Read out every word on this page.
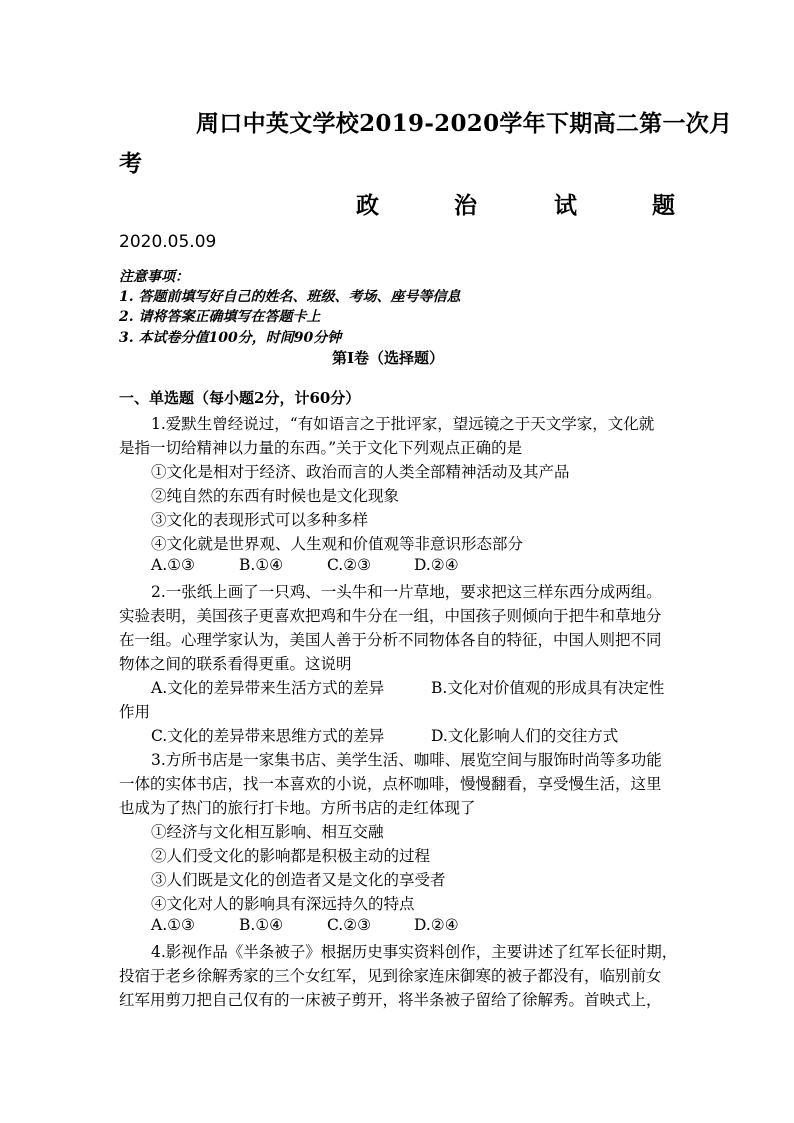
周口中英文学校2019-2020学年下期高二第一次月
考
政	治	试	题
2020.05.09
注意事项：
1. 答题前填写好自己的姓名、班级、考场、座号等信息
2. 请将答案正确填写在答题卡上
3. 本试卷分值100分，时间90分钟
第I卷（选择题）
一、单选题（每小题2分，计60分）
1.爱默生曾经说过，“有如语言之于批评家，望远镜之于天文学家，文化就
是指一切给精神以力量的东西。”关于文化下列观点正确的是
①文化是相对于经济、政治而言的人类全部精神活动及其产品
②纯自然的东西有时候也是文化现象
③文化的表现形式可以多种多样
④文化就是世界观、人生观和价值观等非意识形态部分
A.①③	B.①④	C.②③	D.②④
2.一张纸上画了一只鸡、一头牛和一片草地，要求把这三样东西分成两组。
实验表明，美国孩子更喜欢把鸡和牛分在一组，中国孩子则倾向于把牛和草地分
在一组。心理学家认为，美国人善于分析不同物体各自的特征，中国人则把不同
物体之间的联系看得更重。这说明
A.文化的差异带来生活方式的差异	B.文化对价值观的形成具有决定性
作用
C.文化的差异带来思维方式的差异	D.文化影响人们的交往方式
3.方所书店是一家集书店、美学生活、咖啡、展览空间与服饰时尚等多功能
一体的实体书店，找一本喜欢的小说，点杯咖啡，慢慢翻看，享受慢生活，这里
也成为了热门的旅行打卡地。方所书店的走红体现了
①经济与文化相互影响、相互交融
②人们受文化的影响都是积极主动的过程
③人们既是文化的创造者又是文化的享受者
④文化对人的影响具有深远持久的特点
A.①③	B.①④	C.②③	D.②④
4.影视作品《半条被子》根据历史事实资料创作，主要讲述了红军长征时期，
投宿于老乡徐解秀家的三个女红军，见到徐家连床御寒的被子都没有，临别前女
红军用剪刀把自己仅有的一床被子剪开，将半条被子留给了徐解秀。首映式上，
